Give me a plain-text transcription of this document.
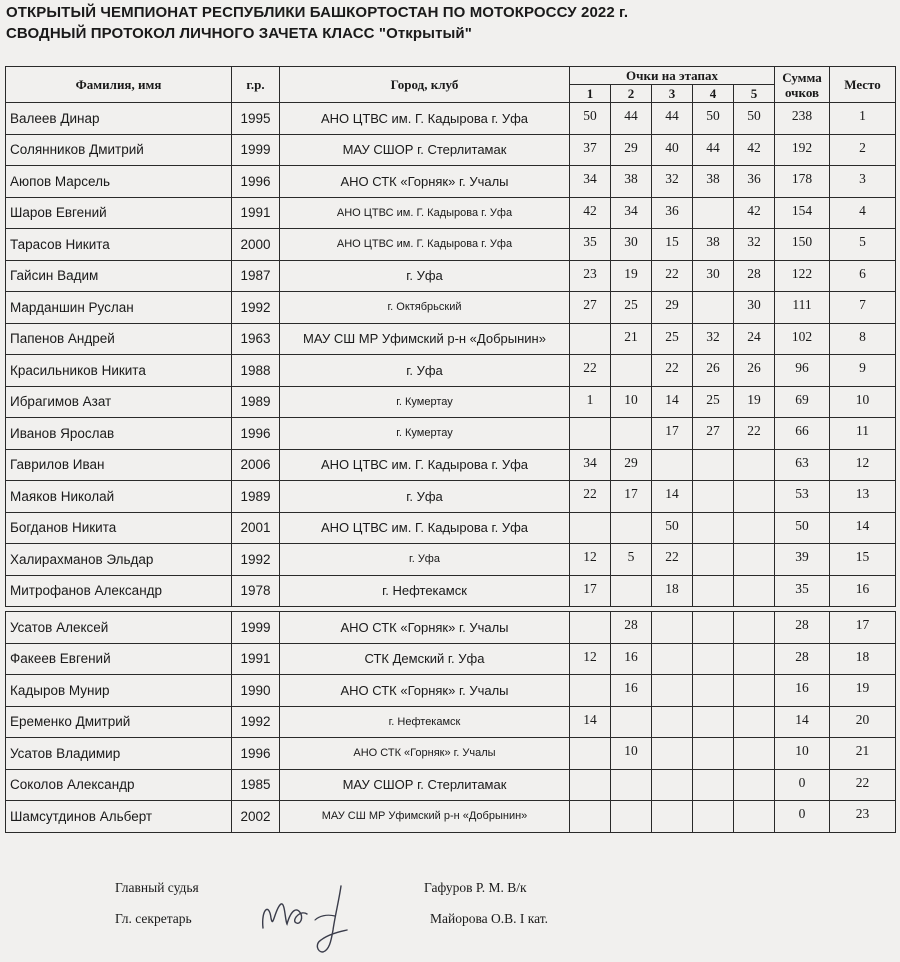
ОТКРЫТЫЙ ЧЕМПИОНАТ РЕСПУБЛИКИ БАШКОРТОСТАН ПО МОТОКРОССУ 2022 г.
СВОДНЫЙ ПРОТОКОЛ ЛИЧНОГО ЗАЧЕТА КЛАСС "Открытый"
Фамилия, имя	г.р.	Город, клуб	Очки на этапах					Сумма очков	Место
			1	2	3	4	5		
Валеев Динар	1995	АНО ЦТВС им. Г. Кадырова г. Уфа	50	44	44	50	50	238	1
Солянников Дмитрий	1999	МАУ СШОР г. Стерлитамак	37	29	40	44	42	192	2
Аюпов Марсель	1996	АНО СТК «Горняк» г. Учалы	34	38	32	38	36	178	3
Шаров Евгений	1991	АНО ЦТВС им. Г. Кадырова г. Уфа	42	34	36		42	154	4
Тарасов Никита	2000	АНО ЦТВС им. Г. Кадырова г. Уфа	35	30	15	38	32	150	5
Гайсин Вадим	1987	г. Уфа	23	19	22	30	28	122	6
Марданшин Руслан	1992	г. Октябрьский	27	25	29		30	111	7
Папенов Андрей	1963	МАУ СШ МР Уфимский р-н «Добрынин»		21	25	32	24	102	8
Красильников Никита	1988	г. Уфа	22		22	26	26	96	9
Ибрагимов Азат	1989	г. Кумертау	1	10	14	25	19	69	10
Иванов Ярослав	1996	г. Кумертау			17	27	22	66	11
Гаврилов Иван	2006	АНО ЦТВС им. Г. Кадырова г. Уфа	34	29				63	12
Маяков Николай	1989	г. Уфа	22	17	14			53	13
Богданов Никита	2001	АНО ЦТВС им. Г. Кадырова г. Уфа			50			50	14
Халирахманов Эльдар	1992	г. Уфа	12	5	22			39	15
Митрофанов Александр	1978	г. Нефтекамск	17		18			35	16

Усатов Алексей	1999	АНО СТК «Горняк» г. Учалы		28				28	17
Факеев Евгений	1991	СТК Демский г. Уфа	12	16				28	18
Кадыров Мунир	1990	АНО СТК «Горняк» г. Учалы		16				16	19
Еременко Дмитрий	1992	г. Нефтекамск	14					14	20
Усатов Владимир	1996	АНО СТК «Горняк» г. Учалы		10				10	21
Соколов Александр	1985	МАУ СШОР г. Стерлитамак						0	22
Шамсутдинов Альберт	2002	МАУ СШ МР Уфимский р-н «Добрынин»						0	23
Главный судья
Гл. секретарь
Гафуров Р. М. В/к
Майорова О.В. I кат.
